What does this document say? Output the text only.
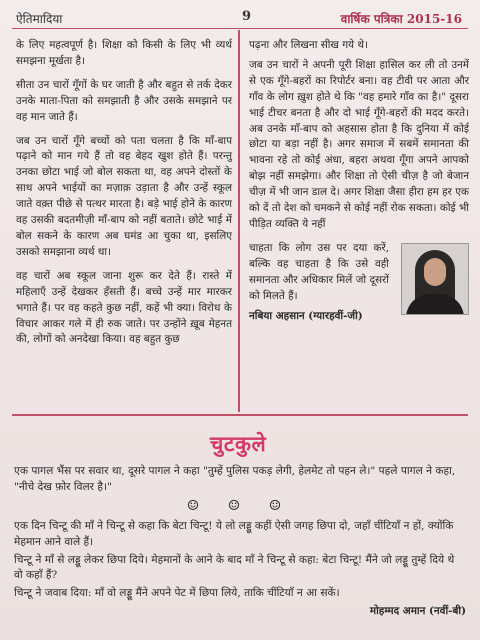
ऐतिमादिया	9	वार्षिक पत्रिका 2015-16

के लिए महत्वपूर्ण है। शिक्षा को किसी के लिए भी व्यर्थ समझना मूर्खता है।

सीता उन चारों गूँगों के घर जाती है और बहुत से तर्क देकर उनके माता-पिता को समझाती है और उसके समझाने पर वह मान जाते हैं।

जब उन चारों गूँगे बच्चों को पता चलता है कि माँ-बाप पढ़ाने को मान गये हैं तो वह बेहद खुश होते हैं। परन्तु उनका छोटा भाई जो बोल सकता था, वह अपने दोस्तों के साथ अपने भाईयों का मज़ाक़ उड़ाता है और उन्हें स्कूल जाते वक़्त पीछे से पत्थर मारता है। बड़े भाई होने के कारण वह उसकी बदतमीज़ी माँ-बाप को नहीं बताते। छोटे भाई में बोल सकने के कारण अब घमंड आ चुका था, इसलिए उसको समझाना व्यर्थ था।

वह चारों अब स्कूल जाना शुरू कर देते हैं। रास्ते में महिलाएँ उन्हें देखकर हँसती हैं। बच्चे उन्हें मार मारकर भगाते हैं। पर वह कहते कुछ नहीं, कहें भी क्या। विरोध के विचार आकर गले में ही रुक जाते। पर उन्होंने ख़ूब मेहनत की, लोगों को अनदेखा किया। वह बहुत कुछ

पढ़ना और लिखना सीख गये थे।

जब उन चारों ने अपनी पूरी शिक्षा हासिल कर ली तो उनमें से एक गूँगे-बहरों का रिपोर्टर बना। वह टीवी पर आता और गाँव के लोग ख़ुश होते थे कि "वह हमारे गाँव का है।" दूसरा भाई टीचर बनता है और दो भाई गूँगे-बहरों की मदद करते। अब उनके माँ-बाप को अहसास होता है कि दुनिया में कोई छोटा या बड़ा नहीं है। अगर समाज में सबमें समानता की भावना रहे तो कोई अंधा, बहरा अथवा गूँगा अपने आपको बोझ नहीं समझेगा। और शिक्षा तो ऐसी चीज़ है जो बेजान चीज़ में भी जान डाल दे। अगर शिक्षा जैसा हीरा हम हर एक को दें तो देश को चमकने से कोई नहीं रोक सकता। कोई भी पीड़ित व्यक्ति ये नहीं

चाहता कि लोग उस पर दया करें, बल्कि वह चाहता है कि उसे वही समानता और अधिकार मिलें जो दूसरों को मिलते हैं।
नबिया अहसान (ग्यारहवीं-जी)
चुटकुले

एक पागल भैंस पर सवार था, दूसरे पागल ने कहा "तुम्हें पुलिस पकड़ लेगी, हेलमेट तो पहन ले।" पहले पागल ने कहा, "नीचे देख फ़ोर विलर है।"

☺ ☺ ☺

एक दिन चिन्टू की माँ ने चिन्टू से कहा कि बेटा चिन्टू! ये लो लड्डू कहीं ऐसी जगह छिपा दो, जहाँ चींटियाँ न हों, क्योंकि मेहमान आने वाले हैं।

चिन्टू ने माँ से लड्डू लेकर छिपा दिये। मेहमानों के आने के बाद माँ ने चिन्टू से कहा: बेटा चिन्टू! मैंने जो लड्डू तुम्हें दिये थे वो कहाँ हैं?

चिन्टू ने जवाब दिया: माँ वो लड्डू मैंने अपने पेट में छिपा लिये, ताकि चींटियाँ न आ सकें।

मोहम्मद अमान (नवीं-बी)
